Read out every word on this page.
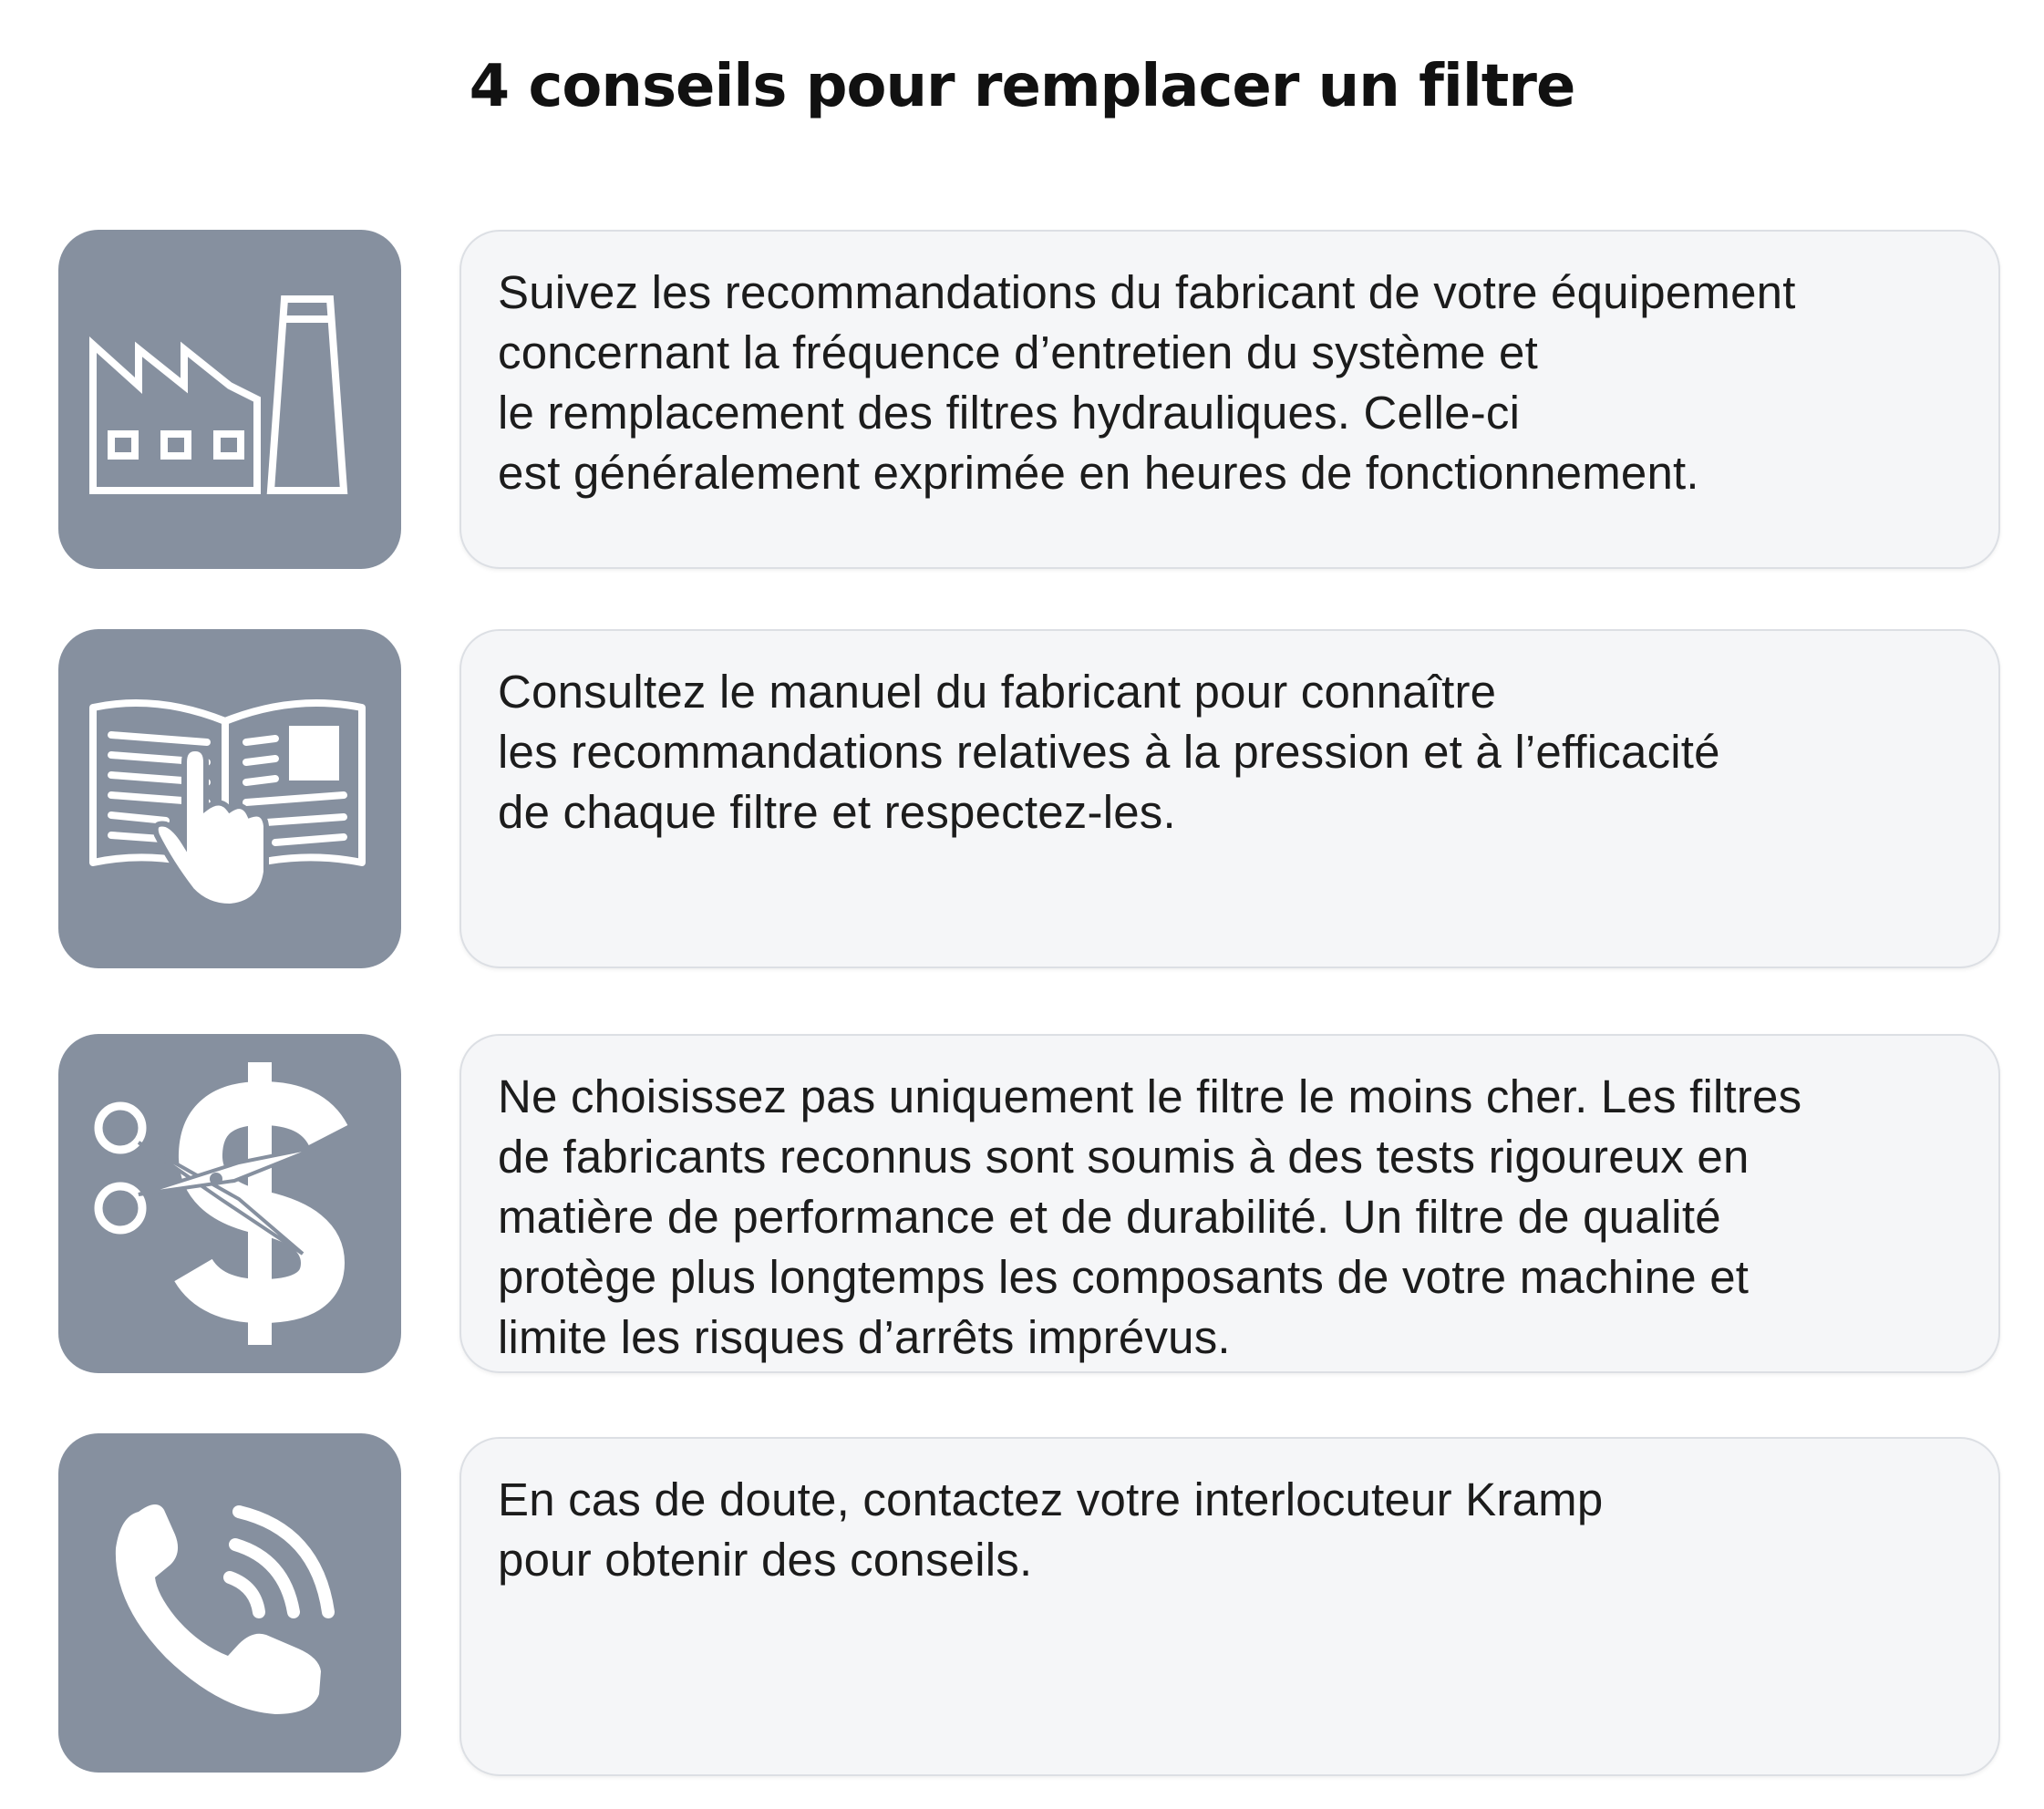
4 conseils pour remplacer un filtre

Suivez les recommandations du fabricant de votre équipement

concernant la fréquence d’entretien du système et

le remplacement des filtres hydrauliques. Celle-ci

est généralement exprimée en heures de fonctionnement.

Consultez le manuel du fabricant pour connaître

les recommandations relatives à la pression et à l’efficacité

de chaque filtre et respectez-les.

Ne choisissez pas uniquement le filtre le moins cher. Les filtres

de fabricants reconnus sont soumis à des tests rigoureux en

matière de performance et de durabilité. Un filtre de qualité

protège plus longtemps les composants de votre machine et

limite les risques d’arrêts imprévus.

En cas de doute, contactez votre interlocuteur Kramp

pour obtenir des conseils.
